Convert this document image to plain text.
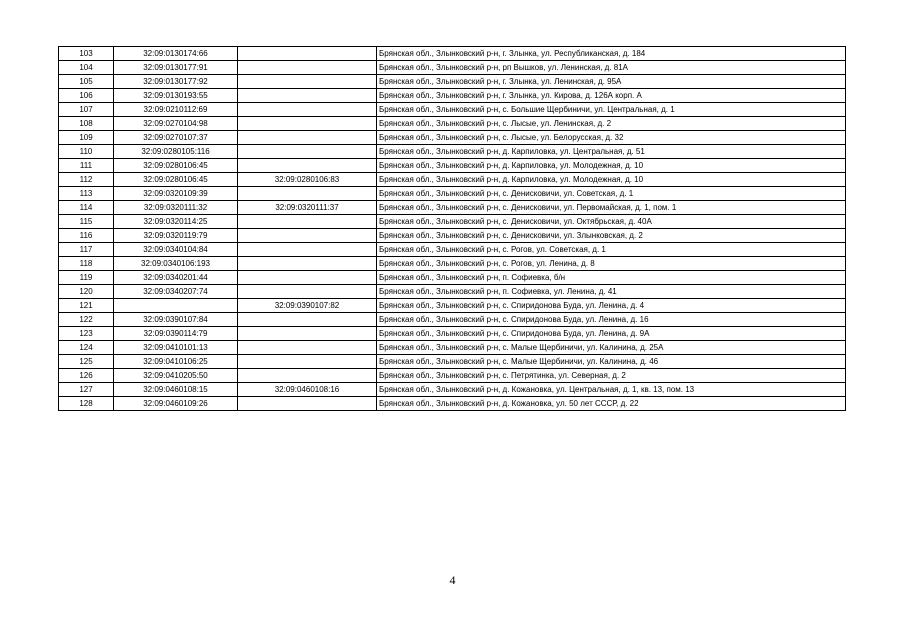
103	32:09:0130174:66		Брянская обл., Злынковский р-н, г. Злынка, ул. Республиканская, д. 184
104	32:09:0130177:91		Брянская обл., Злынковский р-н, рп Вышков, ул. Ленинская, д. 81А
105	32:09:0130177:92		Брянская обл., Злынковский р-н, г. Злынка, ул. Ленинская, д. 95А
106	32:09:0130193:55		Брянская обл., Злынковский р-н, г. Злынка, ул. Кирова, д. 126А корп. А
107	32:09:0210112:69		Брянская обл., Злынковский р-н, с. Большие Щербиничи, ул. Центральная, д. 1
108	32:09:0270104:98		Брянская обл., Злынковский р-н, с. Лысые, ул. Ленинская, д. 2
109	32:09:0270107:37		Брянская обл., Злынковский р-н, с. Лысые, ул. Белорусская, д. 32
110	32:09:0280105:116		Брянская обл., Злынковский р-н, д. Карпиловка, ул. Центральная, д. 51
111	32:09:0280106:45		Брянская обл., Злынковский р-н, д. Карпиловка, ул. Молодежная, д. 10
112	32:09:0280106:45	32:09:0280106:83	Брянская обл., Злынковский р-н, д. Карпиловка, ул. Молодежная, д. 10
113	32:09:0320109:39		Брянская обл., Злынковский р-н, с. Денисковичи, ул. Советская, д. 1
114	32:09:0320111:32	32:09:0320111:37	Брянская обл., Злынковский р-н, с. Денисковичи, ул. Первомайская, д. 1, пом. 1
115	32:09:0320114:25		Брянская обл., Злынковский р-н, с. Денисковичи, ул. Октябрьская, д. 40А
116	32:09:0320119:79		Брянская обл., Злынковский р-н, с. Денисковичи, ул. Злынковская, д. 2
117	32:09:0340104:84		Брянская обл., Злынковский р-н, с. Рогов, ул. Советская, д. 1
118	32:09:0340106:193		Брянская обл., Злынковский р-н, с. Рогов, ул. Ленина, д. 8
119	32:09:0340201:44		Брянская обл., Злынковский р-н, п. Софиевка, б/н
120	32:09:0340207:74		Брянская обл., Злынковский р-н, п. Софиевка, ул. Ленина, д. 41
121		32:09:0390107:82	Брянская обл., Злынковский р-н, с. Спиридонова Буда, ул. Ленина, д. 4
122	32:09:0390107:84		Брянская обл., Злынковский р-н, с. Спиридонова Буда, ул. Ленина, д. 16
123	32:09:0390114:79		Брянская обл., Злынковский р-н, с. Спиридонова Буда, ул. Ленина, д. 9А
124	32:09:0410101:13		Брянская обл., Злынковский р-н, с. Малые Щербиничи, ул. Калинина, д. 25А
125	32:09:0410106:25		Брянская обл., Злынковский р-н, с. Малые Щербиничи, ул. Калинина, д. 46
126	32:09:0410205:50		Брянская обл., Злынковский р-н, с. Петрятинка, ул. Северная, д. 2
127	32:09:0460108:15	32:09:0460108:16	Брянская обл., Злынковский р-н, д. Кожановка, ул. Центральная, д. 1, кв. 13, пом. 13
128	32:09:0460109:26		Брянская обл., Злынковский р-н, д. Кожановка, ул. 50 лет СССР, д. 22
4
